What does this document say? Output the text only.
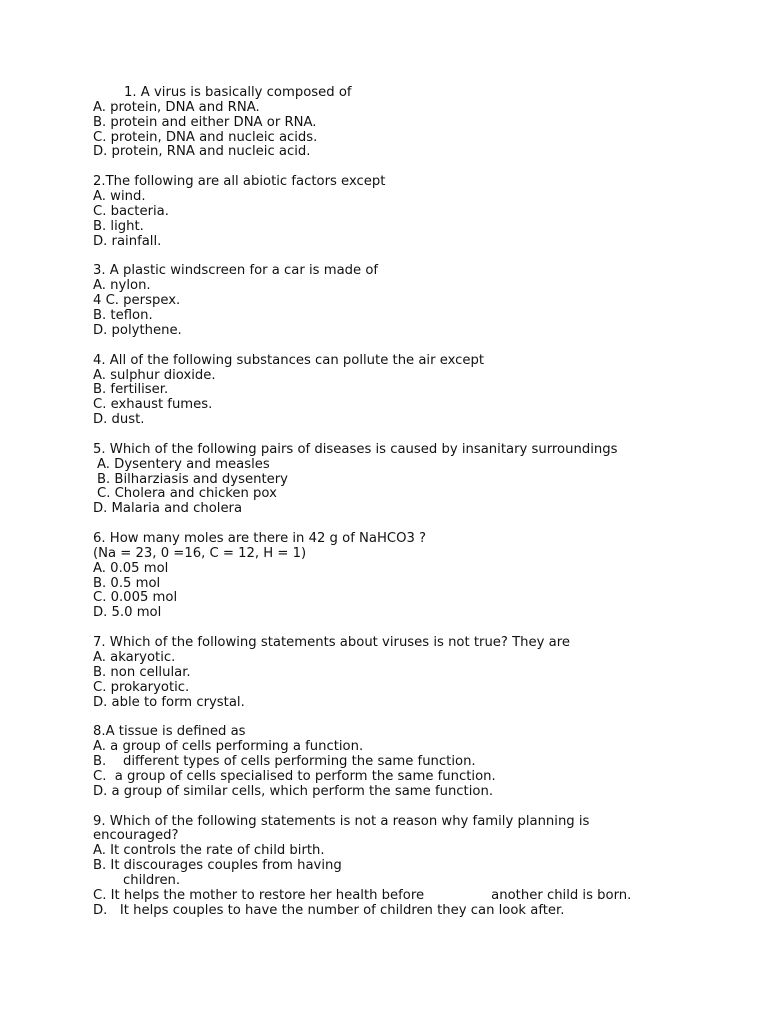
1. A virus is basically composed of
A. protein, DNA and RNA.
B. protein and either DNA or RNA.
C. protein, DNA and nucleic acids.
D. protein, RNA and nucleic acid.
2.The following are all abiotic factors except
A. wind.
C. bacteria.
B. light.
D. rainfall.
3. A plastic windscreen for a car is made of
A. nylon.
4 C. perspex.
B. teflon.
D. polythene.
4. All of the following substances can pollute the air except
A. sulphur dioxide.
B. fertiliser.
C. exhaust fumes.
D. dust.
5. Which of the following pairs of diseases is caused by insanitary surroundings
A. Dysentery and measles
B. Bilharziasis and dysentery
C. Cholera and chicken pox
D. Malaria and cholera
6. How many moles are there in 42 g of NaHCO3 ?
(Na = 23, 0 =16, C = 12, H = 1)
A. 0.05 mol
B. 0.5 mol
C. 0.005 mol
D. 5.0 mol
7. Which of the following statements about viruses is not true? They are
A. akaryotic.
B. non cellular.
C. prokaryotic.
D. able to form crystal.
8.A tissue is defined as
A. a group of cells performing a function.
B.    different types of cells performing the same function.
C.  a group of cells specialised to perform the same function.
D. a group of similar cells, which perform the same function.
9. Which of the following statements is not a reason why family planning is
encouraged?
A. It controls the rate of child birth.
B. It discourages couples from having
children.
C. It helps the mother to restore her health before                another child is born.
D.   It helps couples to have the number of children they can look after.
